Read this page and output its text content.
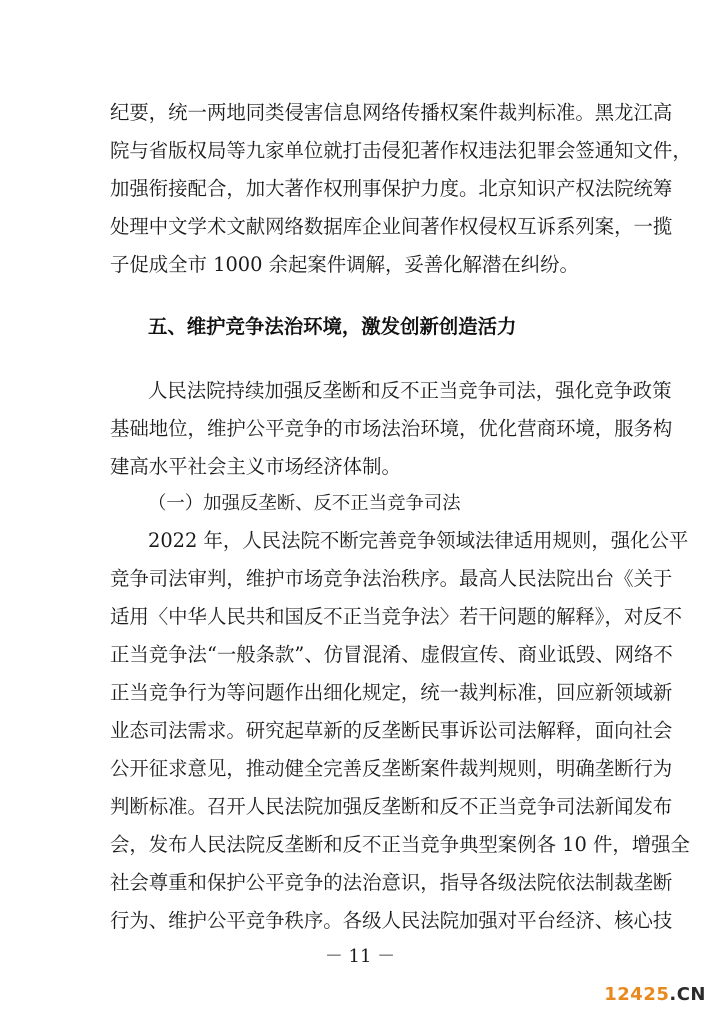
纪要，统一两地同类侵害信息网络传播权案件裁判标准。黑龙江高
院与省版权局等九家单位就打击侵犯著作权违法犯罪会签通知文件，
加强衔接配合，加大著作权刑事保护力度。北京知识产权法院统筹
处理中文学术文献网络数据库企业间著作权侵权互诉系列案，一揽
子促成全市 1000 余起案件调解，妥善化解潜在纠纷。
五、维护竞争法治环境，激发创新创造活力
人民法院持续加强反垄断和反不正当竞争司法，强化竞争政策
基础地位，维护公平竞争的市场法治环境，优化营商环境，服务构
建高水平社会主义市场经济体制。
（一）加强反垄断、反不正当竞争司法
2022 年，人民法院不断完善竞争领域法律适用规则，强化公平
竞争司法审判，维护市场竞争法治秩序。最高人民法院出台《关于
适用〈中华人民共和国反不正当竞争法〉若干问题的解释》，对反不
正当竞争法“一般条款”、仿冒混淆、虚假宣传、商业诋毁、网络不
正当竞争行为等问题作出细化规定，统一裁判标准，回应新领域新
业态司法需求。研究起草新的反垄断民事诉讼司法解释，面向社会
公开征求意见，推动健全完善反垄断案件裁判规则，明确垄断行为
判断标准。召开人民法院加强反垄断和反不正当竞争司法新闻发布
会，发布人民法院反垄断和反不正当竞争典型案例各 10 件，增强全
社会尊重和保护公平竞争的法治意识，指导各级法院依法制裁垄断
行为、维护公平竞争秩序。各级人民法院加强对平台经济、核心技
－ 11 －
12425.CN
